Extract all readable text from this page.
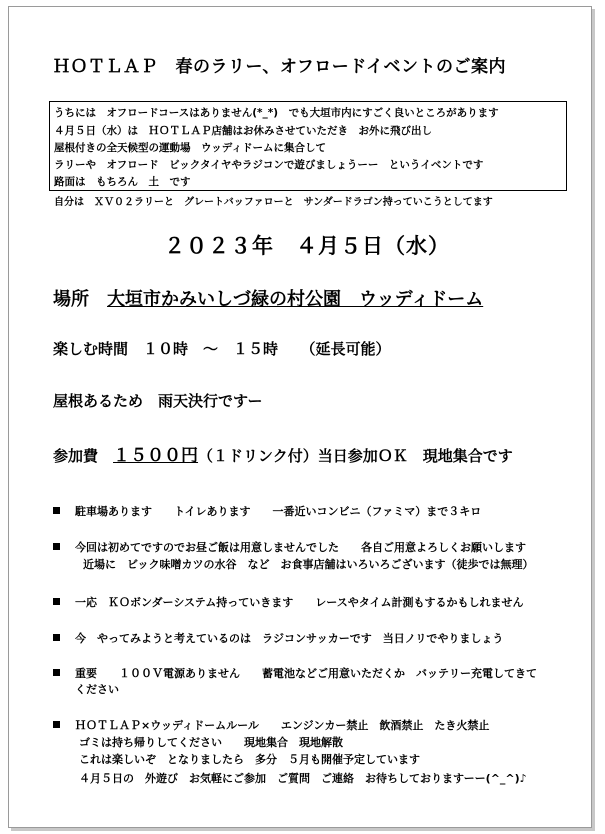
ＨＯＴＬＡＰ　春のラリー、オフロードイベントのご案内
うちには　オフロードコースはありません(*_*)　でも大垣市内にすごく良いところがあります
４月５日（水）は　ＨＯＴＬＡＰ店舗はお休みさせていただき　お外に飛び出し
屋根付きの全天候型の運動場　ウッディドームに集合して
ラリーや　オフロード　ビックタイヤやラジコンで遊びましょうーー　というイベントです
路面は　もちろん　土　です
自分は　ＸＶ０２ラリーと　グレートバッファローと　サンダードラゴン持っていこうとしてます
２０２３年　４月５日（水）
場所　 大垣市かみいしづ緑の村公園　ウッディドーム
楽しむ時間　１０時　～　１５時　　（延長可能）
屋根あるため　雨天決行ですー
参加費　 １５００円（１ドリンク付）当日参加ＯＫ　現地集合です
駐車場あります　　トイレあります　　一番近いコンビニ（ファミマ）まで３キロ
今回は初めてですのでお昼ご飯は用意しませんでした　　各自ご用意よろしくお願いします
近場に　ビック味噌カツの水谷　など　お食事店舗はいろいろございます（徒歩では無理）
一応　ＫＯボンダーシステム持っていきます　　レースやタイム計測もするかもしれません
今　やってみようと考えているのは　ラジコンサッカーです　当日ノリでやりましょう
重要　　１００Ｖ電源ありません　　蓄電池などご用意いただくか　バッテリー充電してきて
ください
ＨＯＴＬＡＰ×ウッディドームルール　　エンジンカー禁止　飲酒禁止　たき火禁止
ゴミは持ち帰りしてください　　現地集合　現地解散
これは楽しいぞ　となりましたら　多分　５月も開催予定しています
４月５日の　外遊び　お気軽にご参加　ご質問　ご連絡　お待ちしておりますーー(^_^)♪
